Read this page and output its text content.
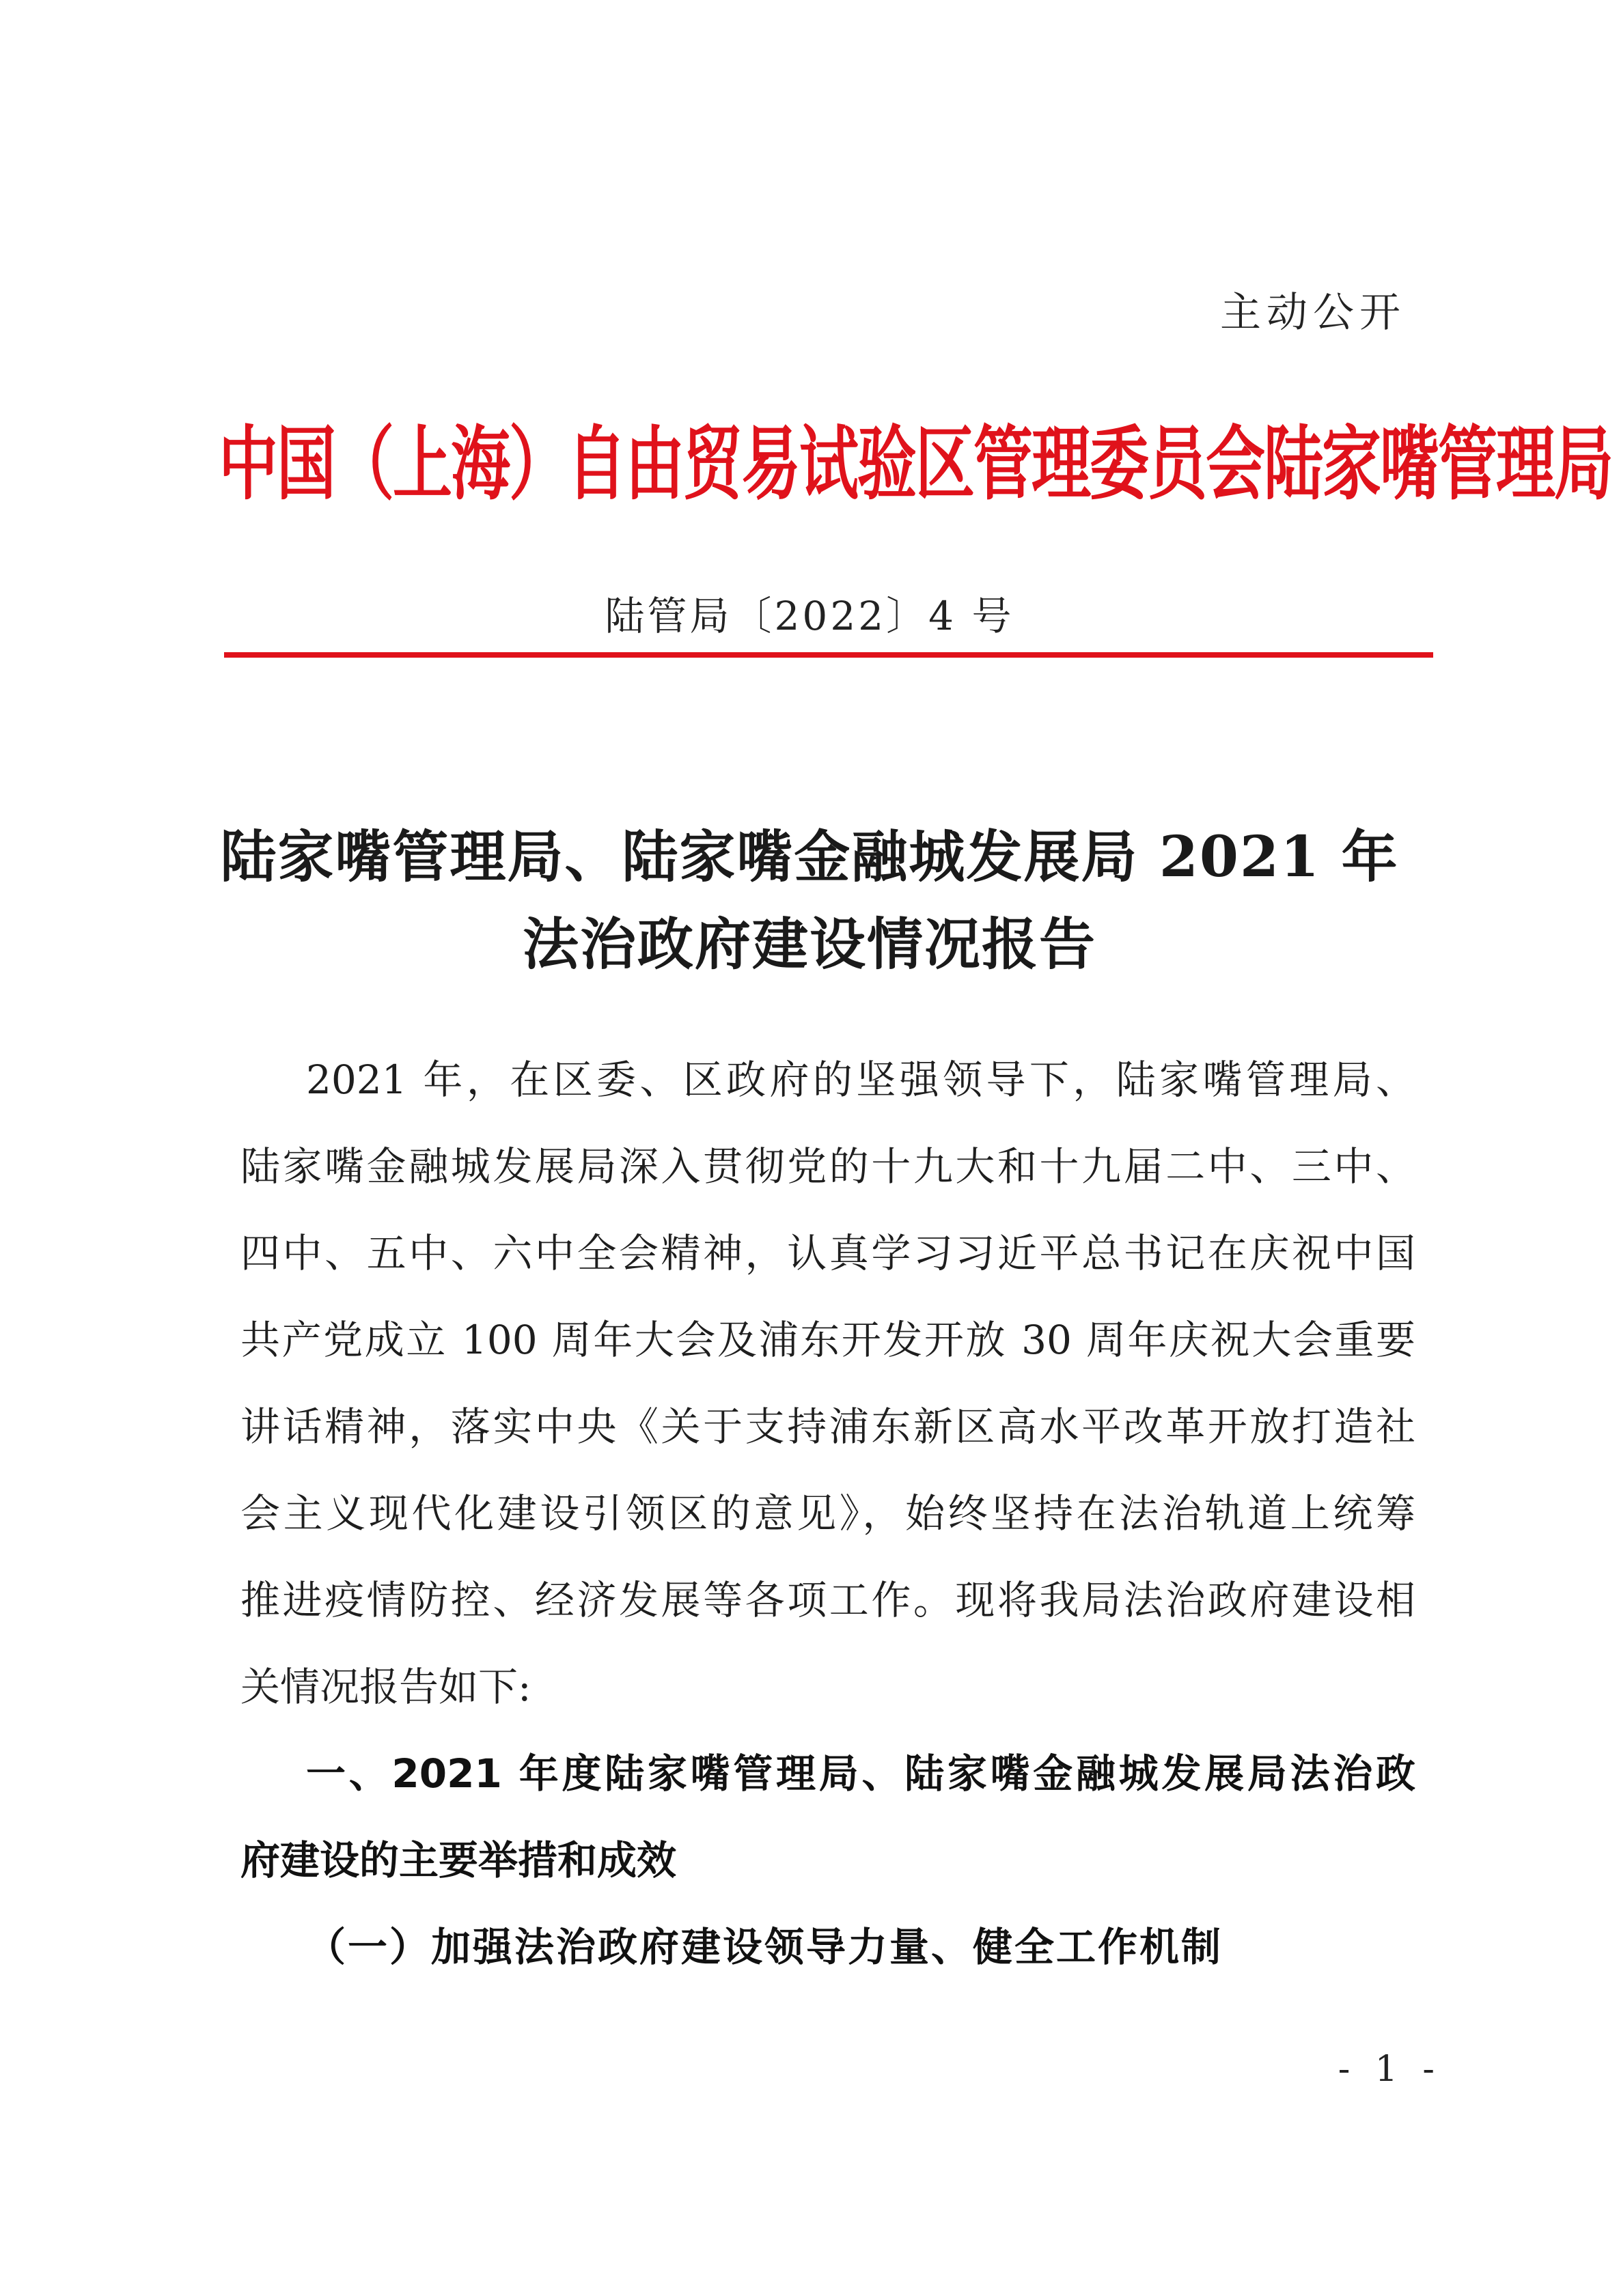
主动公开
中国（上海）自由贸易试验区管理委员会陆家嘴管理局
陆管局〔2022〕4 号
陆家嘴管理局、陆家嘴金融城发展局 2021 年
法治政府建设情况报告
2021 年，在区委、区政府的坚强领导下，陆家嘴管理局、
陆家嘴金融城发展局深入贯彻党的十九大和十九届二中、三中、
四中、五中、六中全会精神，认真学习习近平总书记在庆祝中国
共产党成立 100 周年大会及浦东开发开放 30 周年庆祝大会重要
讲话精神，落实中央《关于支持浦东新区高水平改革开放打造社
会主义现代化建设引领区的意见》，始终坚持在法治轨道上统筹
推进疫情防控、经济发展等各项工作。现将我局法治政府建设相
关情况报告如下:
一、2021 年度陆家嘴管理局、陆家嘴金融城发展局法治政
府建设的主要举措和成效
（一）加强法治政府建设领导力量、健全工作机制
- 1 -
